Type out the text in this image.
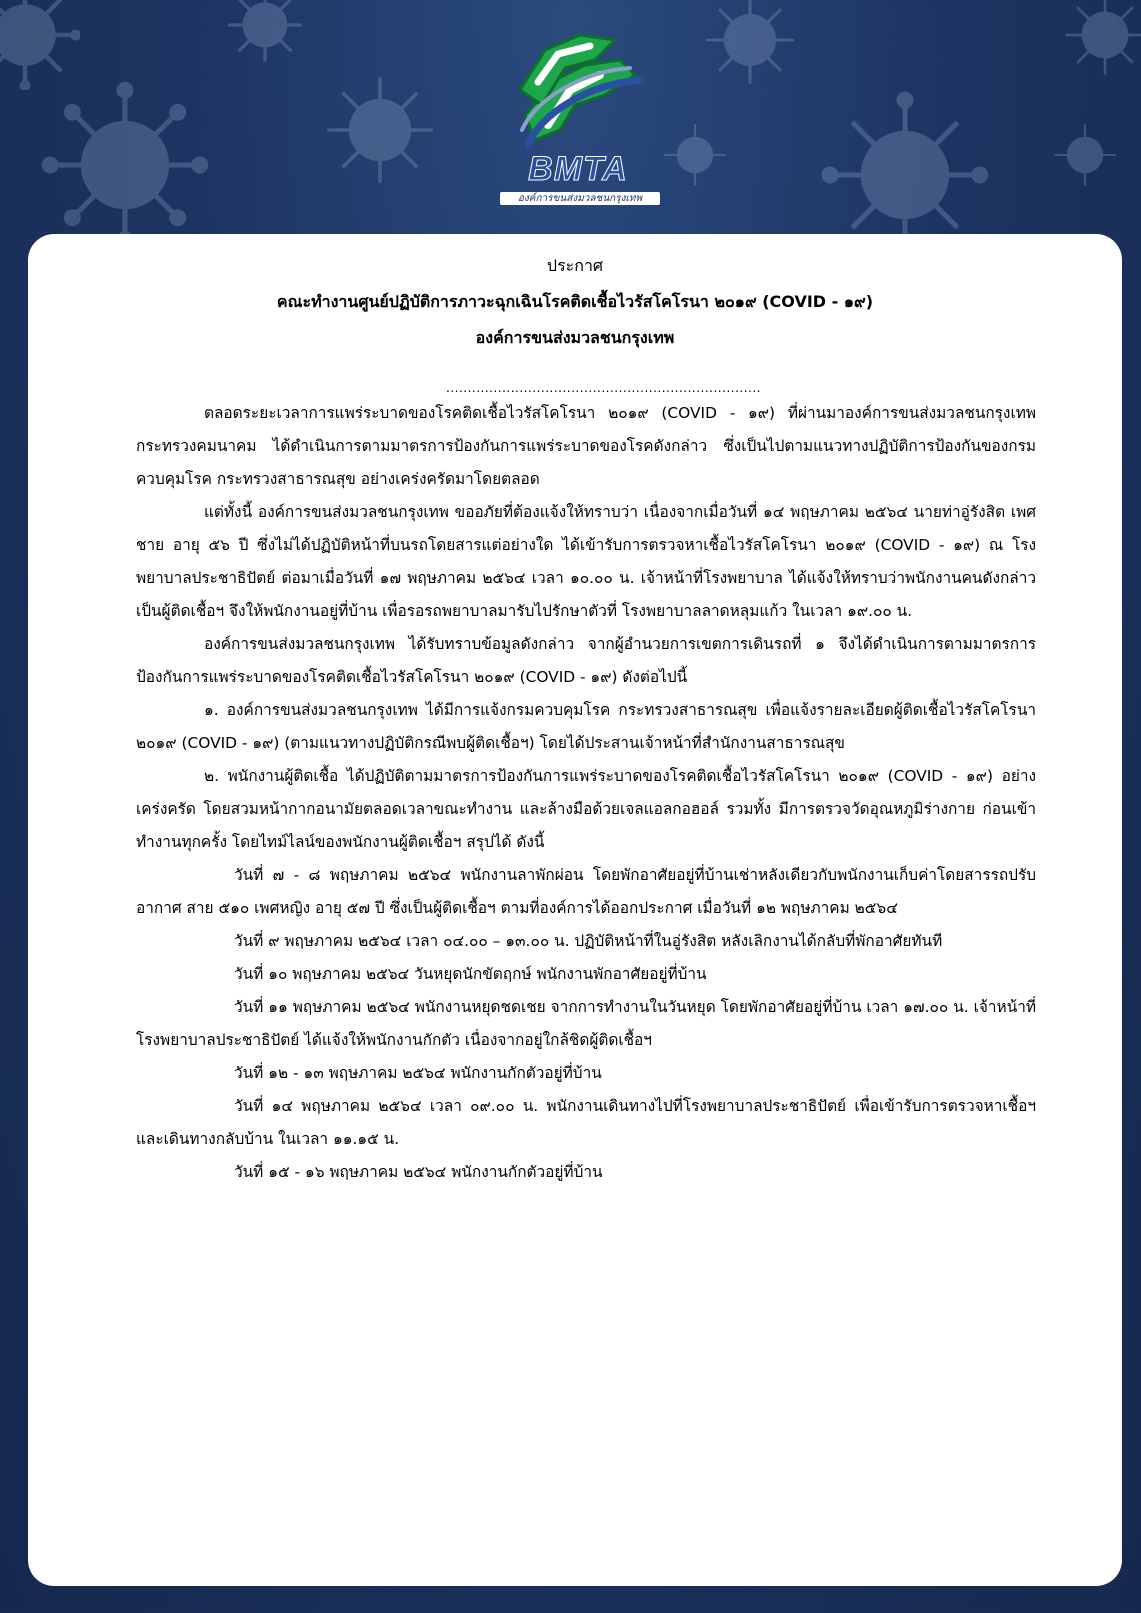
BMTA
องค์การขนส่งมวลชนกรุงเทพ
ประกาศ
คณะทำงานศูนย์ปฏิบัติการภาวะฉุกเฉินโรคติดเชื้อไวรัสโคโรนา ๒๐๑๙ (COVID - ๑๙)
องค์การขนส่งมวลชนกรุงเทพ
.........................................................................

ตลอดระยะเวลาการแพร่ระบาดของโรคติดเชื้อไวรัสโคโรนา ๒๐๑๙ (COVID - ๑๙) ที่ผ่านมาองค์การขนส่งมวลชนกรุงเทพ กระทรวงคมนาคม ได้ดำเนินการตามมาตรการป้องกันการแพร่ระบาดของโรคดังกล่าว ซึ่งเป็นไปตามแนวทางปฏิบัติการป้องกันของกรมควบคุมโรค กระทรวงสาธารณสุข อย่างเคร่งครัดมาโดยตลอด

แต่ทั้งนี้ องค์การขนส่งมวลชนกรุงเทพ ขออภัยที่ต้องแจ้งให้ทราบว่า เนื่องจากเมื่อวันที่ ๑๔ พฤษภาคม ๒๕๖๔ นายท่าอู่รังสิต เพศชาย อายุ ๕๖ ปี ซึ่งไม่ได้ปฏิบัติหน้าที่บนรถโดยสารแต่อย่างใด ได้เข้ารับการตรวจหาเชื้อไวรัสโคโรนา ๒๐๑๙ (COVID - ๑๙) ณ โรงพยาบาลประชาธิปัตย์ ต่อมาเมื่อวันที่ ๑๗ พฤษภาคม ๒๕๖๔ เวลา ๑๐.๐๐ น. เจ้าหน้าที่โรงพยาบาล ได้แจ้งให้ทราบว่าพนักงานคนดังกล่าวเป็นผู้ติดเชื้อฯ จึงให้พนักงานอยู่ที่บ้าน เพื่อรอรถพยาบาลมารับไปรักษาตัวที่ โรงพยาบาลลาดหลุมแก้ว ในเวลา ๑๙.๐๐ น.

องค์การขนส่งมวลชนกรุงเทพ ได้รับทราบข้อมูลดังกล่าว จากผู้อำนวยการเขตการเดินรถที่ ๑ จึงได้ดำเนินการตามมาตรการป้องกันการแพร่ระบาดของโรคติดเชื้อไวรัสโคโรนา ๒๐๑๙ (COVID - ๑๙) ดังต่อไปนี้

๑. องค์การขนส่งมวลชนกรุงเทพ ได้มีการแจ้งกรมควบคุมโรค กระทรวงสาธารณสุข เพื่อแจ้งรายละเอียดผู้ติดเชื้อไวรัสโคโรนา ๒๐๑๙ (COVID - ๑๙) (ตามแนวทางปฏิบัติกรณีพบผู้ติดเชื้อฯ) โดยได้ประสานเจ้าหน้าที่สำนักงานสาธารณสุข

๒. พนักงานผู้ติดเชื้อ ได้ปฏิบัติตามมาตรการป้องกันการแพร่ระบาดของโรคติดเชื้อไวรัสโคโรนา ๒๐๑๙ (COVID - ๑๙) อย่างเคร่งครัด โดยสวมหน้ากากอนามัยตลอดเวลาขณะทำงาน และล้างมือด้วยเจลแอลกอฮอล์ รวมทั้ง มีการตรวจวัดอุณหภูมิร่างกาย ก่อนเข้าทำงานทุกครั้ง โดยไทม์ไลน์ของพนักงานผู้ติดเชื้อฯ สรุปได้ ดังนี้

วันที่ ๗ - ๘ พฤษภาคม ๒๕๖๔ พนักงานลาพักผ่อน โดยพักอาศัยอยู่ที่บ้านเช่าหลังเดียวกับพนักงานเก็บค่าโดยสารรถปรับอากาศ สาย ๕๑๐ เพศหญิง อายุ ๕๗ ปี ซึ่งเป็นผู้ติดเชื้อฯ ตามที่องค์การได้ออกประกาศ เมื่อวันที่ ๑๒ พฤษภาคม ๒๕๖๔

วันที่ ๙ พฤษภาคม ๒๕๖๔ เวลา ๐๔.๐๐ – ๑๓.๐๐ น. ปฏิบัติหน้าที่ในอู่รังสิต หลังเลิกงานได้กลับที่พักอาศัยทันที

วันที่ ๑๐ พฤษภาคม ๒๕๖๔ วันหยุดนักขัตฤกษ์ พนักงานพักอาศัยอยู่ที่บ้าน

วันที่ ๑๑ พฤษภาคม ๒๕๖๔ พนักงานหยุดชดเชย จากการทำงานในวันหยุด โดยพักอาศัยอยู่ที่บ้าน เวลา ๑๗.๐๐ น. เจ้าหน้าที่โรงพยาบาลประชาธิปัตย์ ได้แจ้งให้พนักงานกักตัว เนื่องจากอยู่ใกล้ชิดผู้ติดเชื้อฯ

วันที่ ๑๒ - ๑๓ พฤษภาคม ๒๕๖๔ พนักงานกักตัวอยู่ที่บ้าน

วันที่ ๑๔ พฤษภาคม ๒๕๖๔ เวลา ๐๙.๐๐ น. พนักงานเดินทางไปที่โรงพยาบาลประชาธิปัตย์ เพื่อเข้ารับการตรวจหาเชื้อฯ และเดินทางกลับบ้าน ในเวลา ๑๑.๑๕ น.

วันที่ ๑๕ - ๑๖ พฤษภาคม ๒๕๖๔ พนักงานกักตัวอยู่ที่บ้าน
